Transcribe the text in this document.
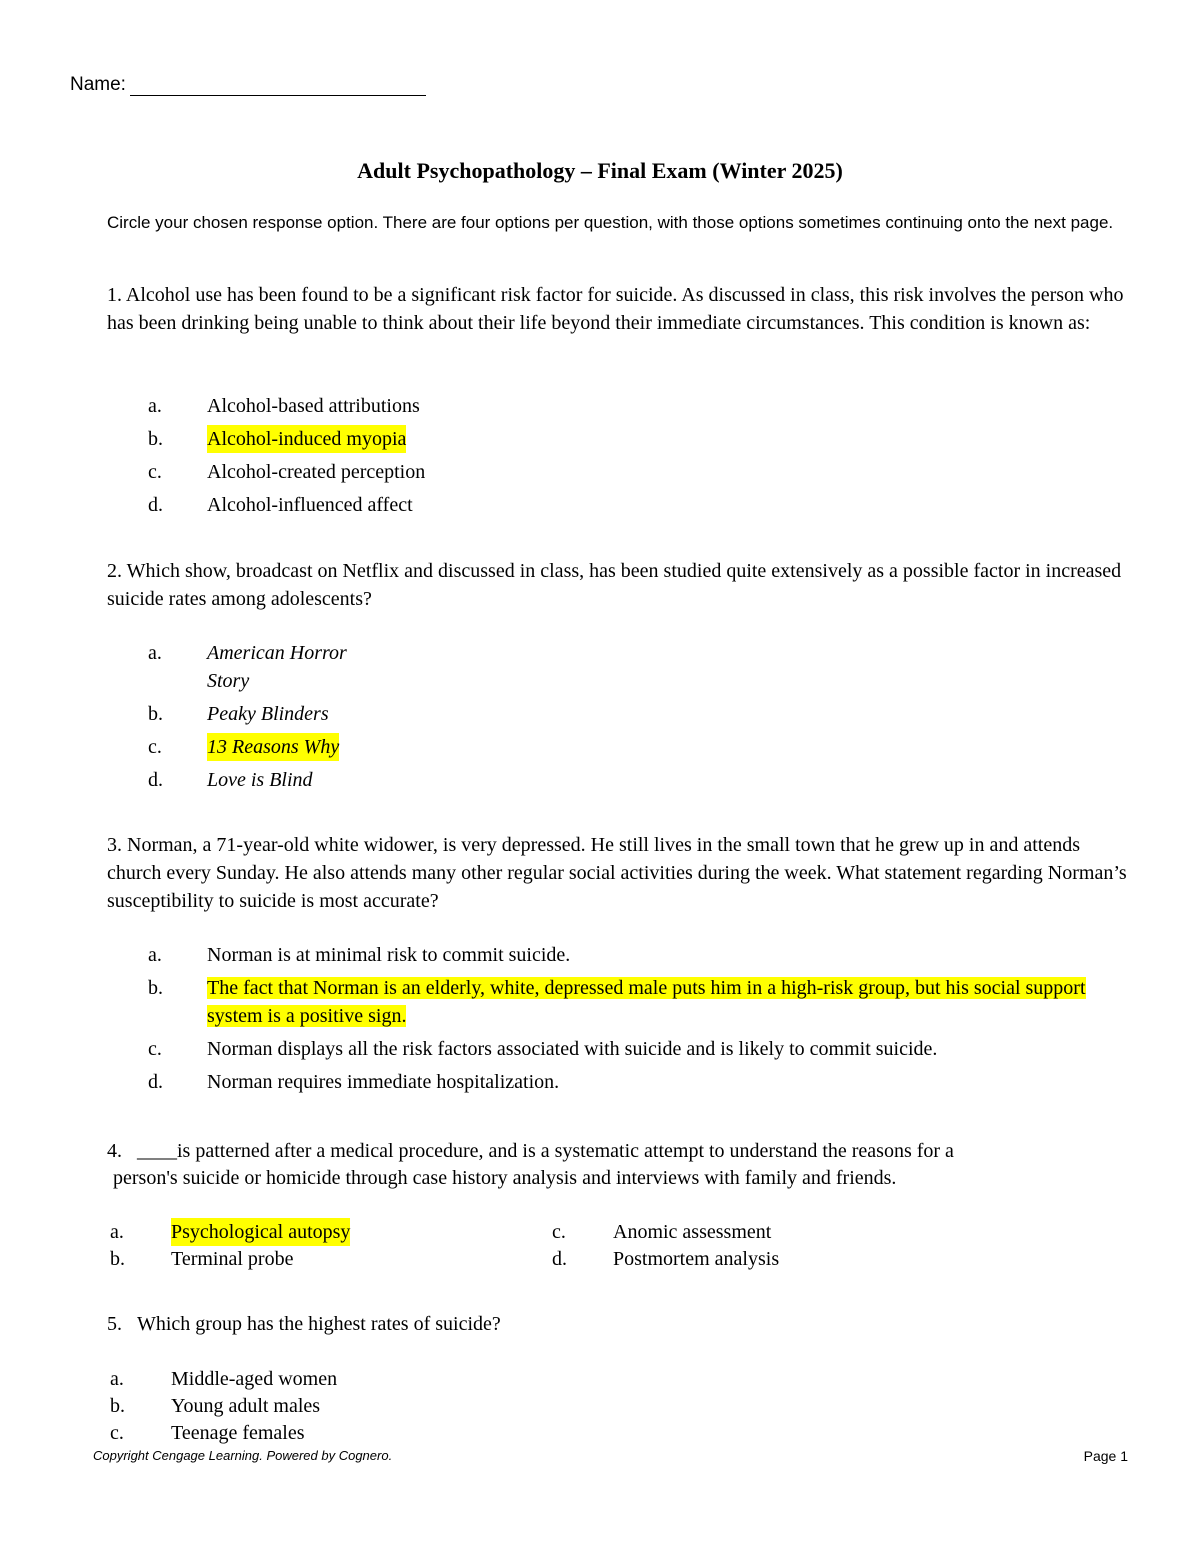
Name:
Adult Psychopathology – Final Exam (Winter 2025)
Circle your chosen response option. There are four options per question, with those options sometimes continuing onto the next page.
1. Alcohol use has been found to be a significant risk factor for suicide. As discussed in class, this risk involves the person who has been drinking being unable to think about their life beyond their immediate circumstances. This condition is known as:
a. Alcohol-based attributions
b. Alcohol-induced myopia
c. Alcohol-created perception
d. Alcohol-influenced affect
2. Which show, broadcast on Netflix and discussed in class, has been studied quite extensively as a possible factor in increased suicide rates among adolescents?
a. American Horror Story
b. Peaky Blinders
c. 13 Reasons Why
d. Love is Blind
3. Norman, a 71-year-old white widower, is very depressed. He still lives in the small town that he grew up in and attends church every Sunday. He also attends many other regular social activities during the week. What statement regarding Norman’s susceptibility to suicide is most accurate?
a. Norman is at minimal risk to commit suicide.
b. The fact that Norman is an elderly, white, depressed male puts him in a high-risk group, but his social support system is a positive sign.
c. Norman displays all the risk factors associated with suicide and is likely to commit suicide.
d. Norman requires immediate hospitalization.
4. ____is patterned after a medical procedure, and is a systematic attempt to understand the reasons for a
person's suicide or homicide through case history analysis and interviews with family and friends.
a. Psychological autopsy
b. Terminal probe
c. Anomic assessment
d. Postmortem analysis
5. Which group has the highest rates of suicide?
a. Middle-aged women
b. Young adult males
c. Teenage females
Copyright Cengage Learning. Powered by Cognero.	Page 1
